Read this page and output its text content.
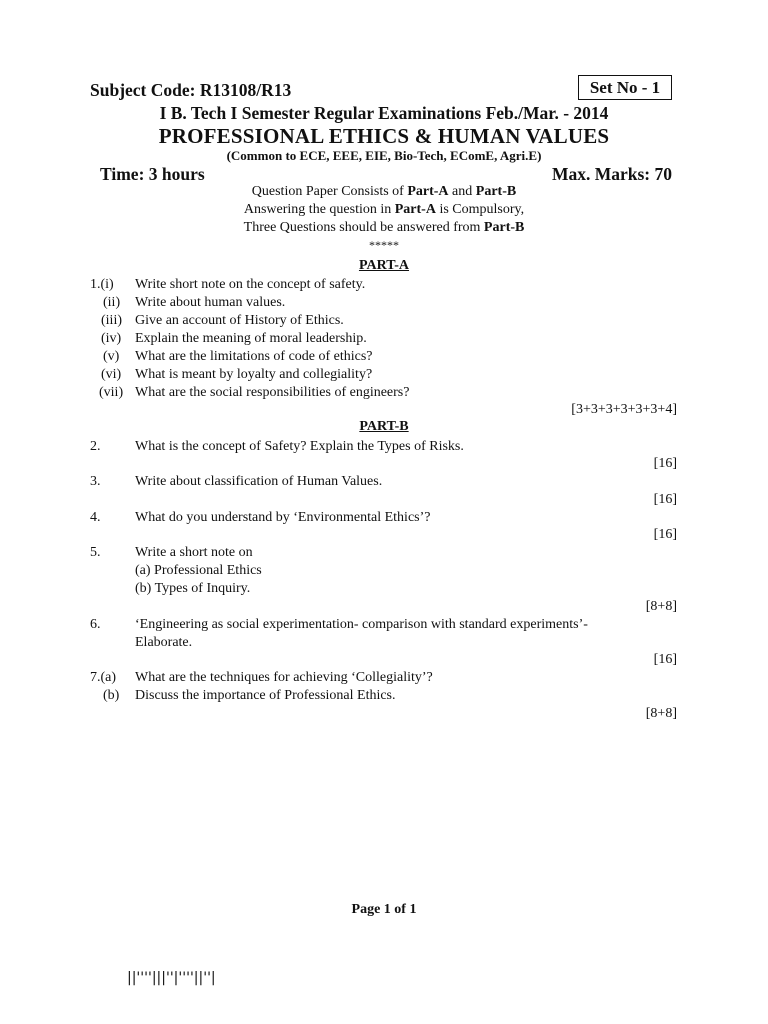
Subject Code: R13108/R13	Set No - 1
I B. Tech I Semester Regular Examinations Feb./Mar. - 2014
PROFESSIONAL ETHICS & HUMAN VALUES
(Common to ECE, EEE, EIE, Bio-Tech, EComE, Agri.E)
Time: 3 hours	Max. Marks: 70
Question Paper Consists of Part-A and Part-B
Answering the question in Part-A is Compulsory,
Three Questions should be answered from Part-B
*****
PART-A
1.(i) Write short note on the concept of safety.
(ii) Write about human values.
(iii) Give an account of History of Ethics.
(iv) Explain the meaning of moral leadership.
(v) What are the limitations of code of ethics?
(vi) What is meant by loyalty and collegiality?
(vii) What are the social responsibilities of engineers?
[3+3+3+3+3+3+4]
PART-B
2. What is the concept of Safety? Explain the Types of Risks.
[16]
3. Write about classification of Human Values.
[16]
4. What do you understand by ‘Environmental Ethics’?
[16]
5. Write a short note on
(a) Professional Ethics
(b) Types of Inquiry.
[8+8]
6. ‘Engineering as social experimentation- comparison with standard experiments’-
Elaborate.
[16]
7.(a) What are the techniques for achieving ‘Collegiality’?
(b) Discuss the importance of Professional Ethics.
[8+8]
Page 1 of 1
||''''|||''|''''||''|
